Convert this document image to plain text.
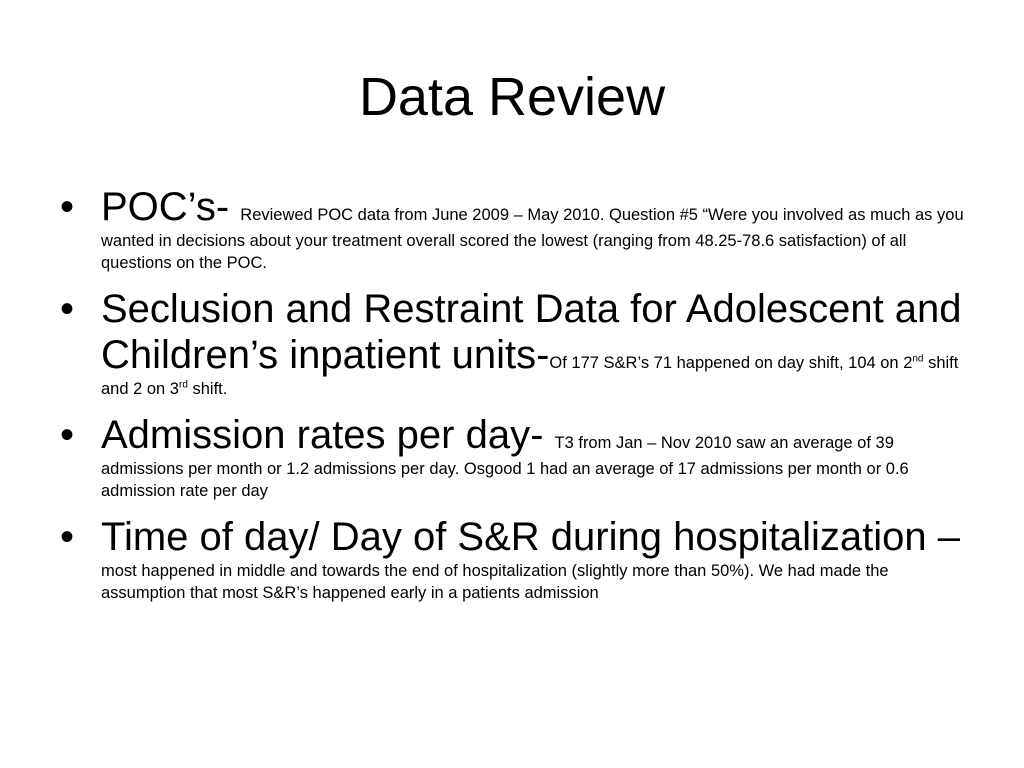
Data Review
• POC’s- Reviewed POC data from June 2009 – May 2010. Question #5 “Were you involved as much as you wanted in decisions about your treatment overall scored the lowest (ranging from 48.25-78.6 satisfaction) of all questions on the POC.
• Seclusion and Restraint Data for Adolescent and Children’s inpatient units-Of 177 S&R’s 71 happened on day shift, 104 on 2nd shift and 2 on 3rd shift.
• Admission rates per day- T3 from Jan – Nov 2010 saw an average of 39 admissions per month or 1.2 admissions per day. Osgood 1 had an average of 17 admissions per month or 0.6 admission rate per day
• Time of day/ Day of S&R during hospitalization – most happened in middle and towards the end of hospitalization (slightly more than 50%). We had made the assumption that most S&R’s happened early in a patients admission
